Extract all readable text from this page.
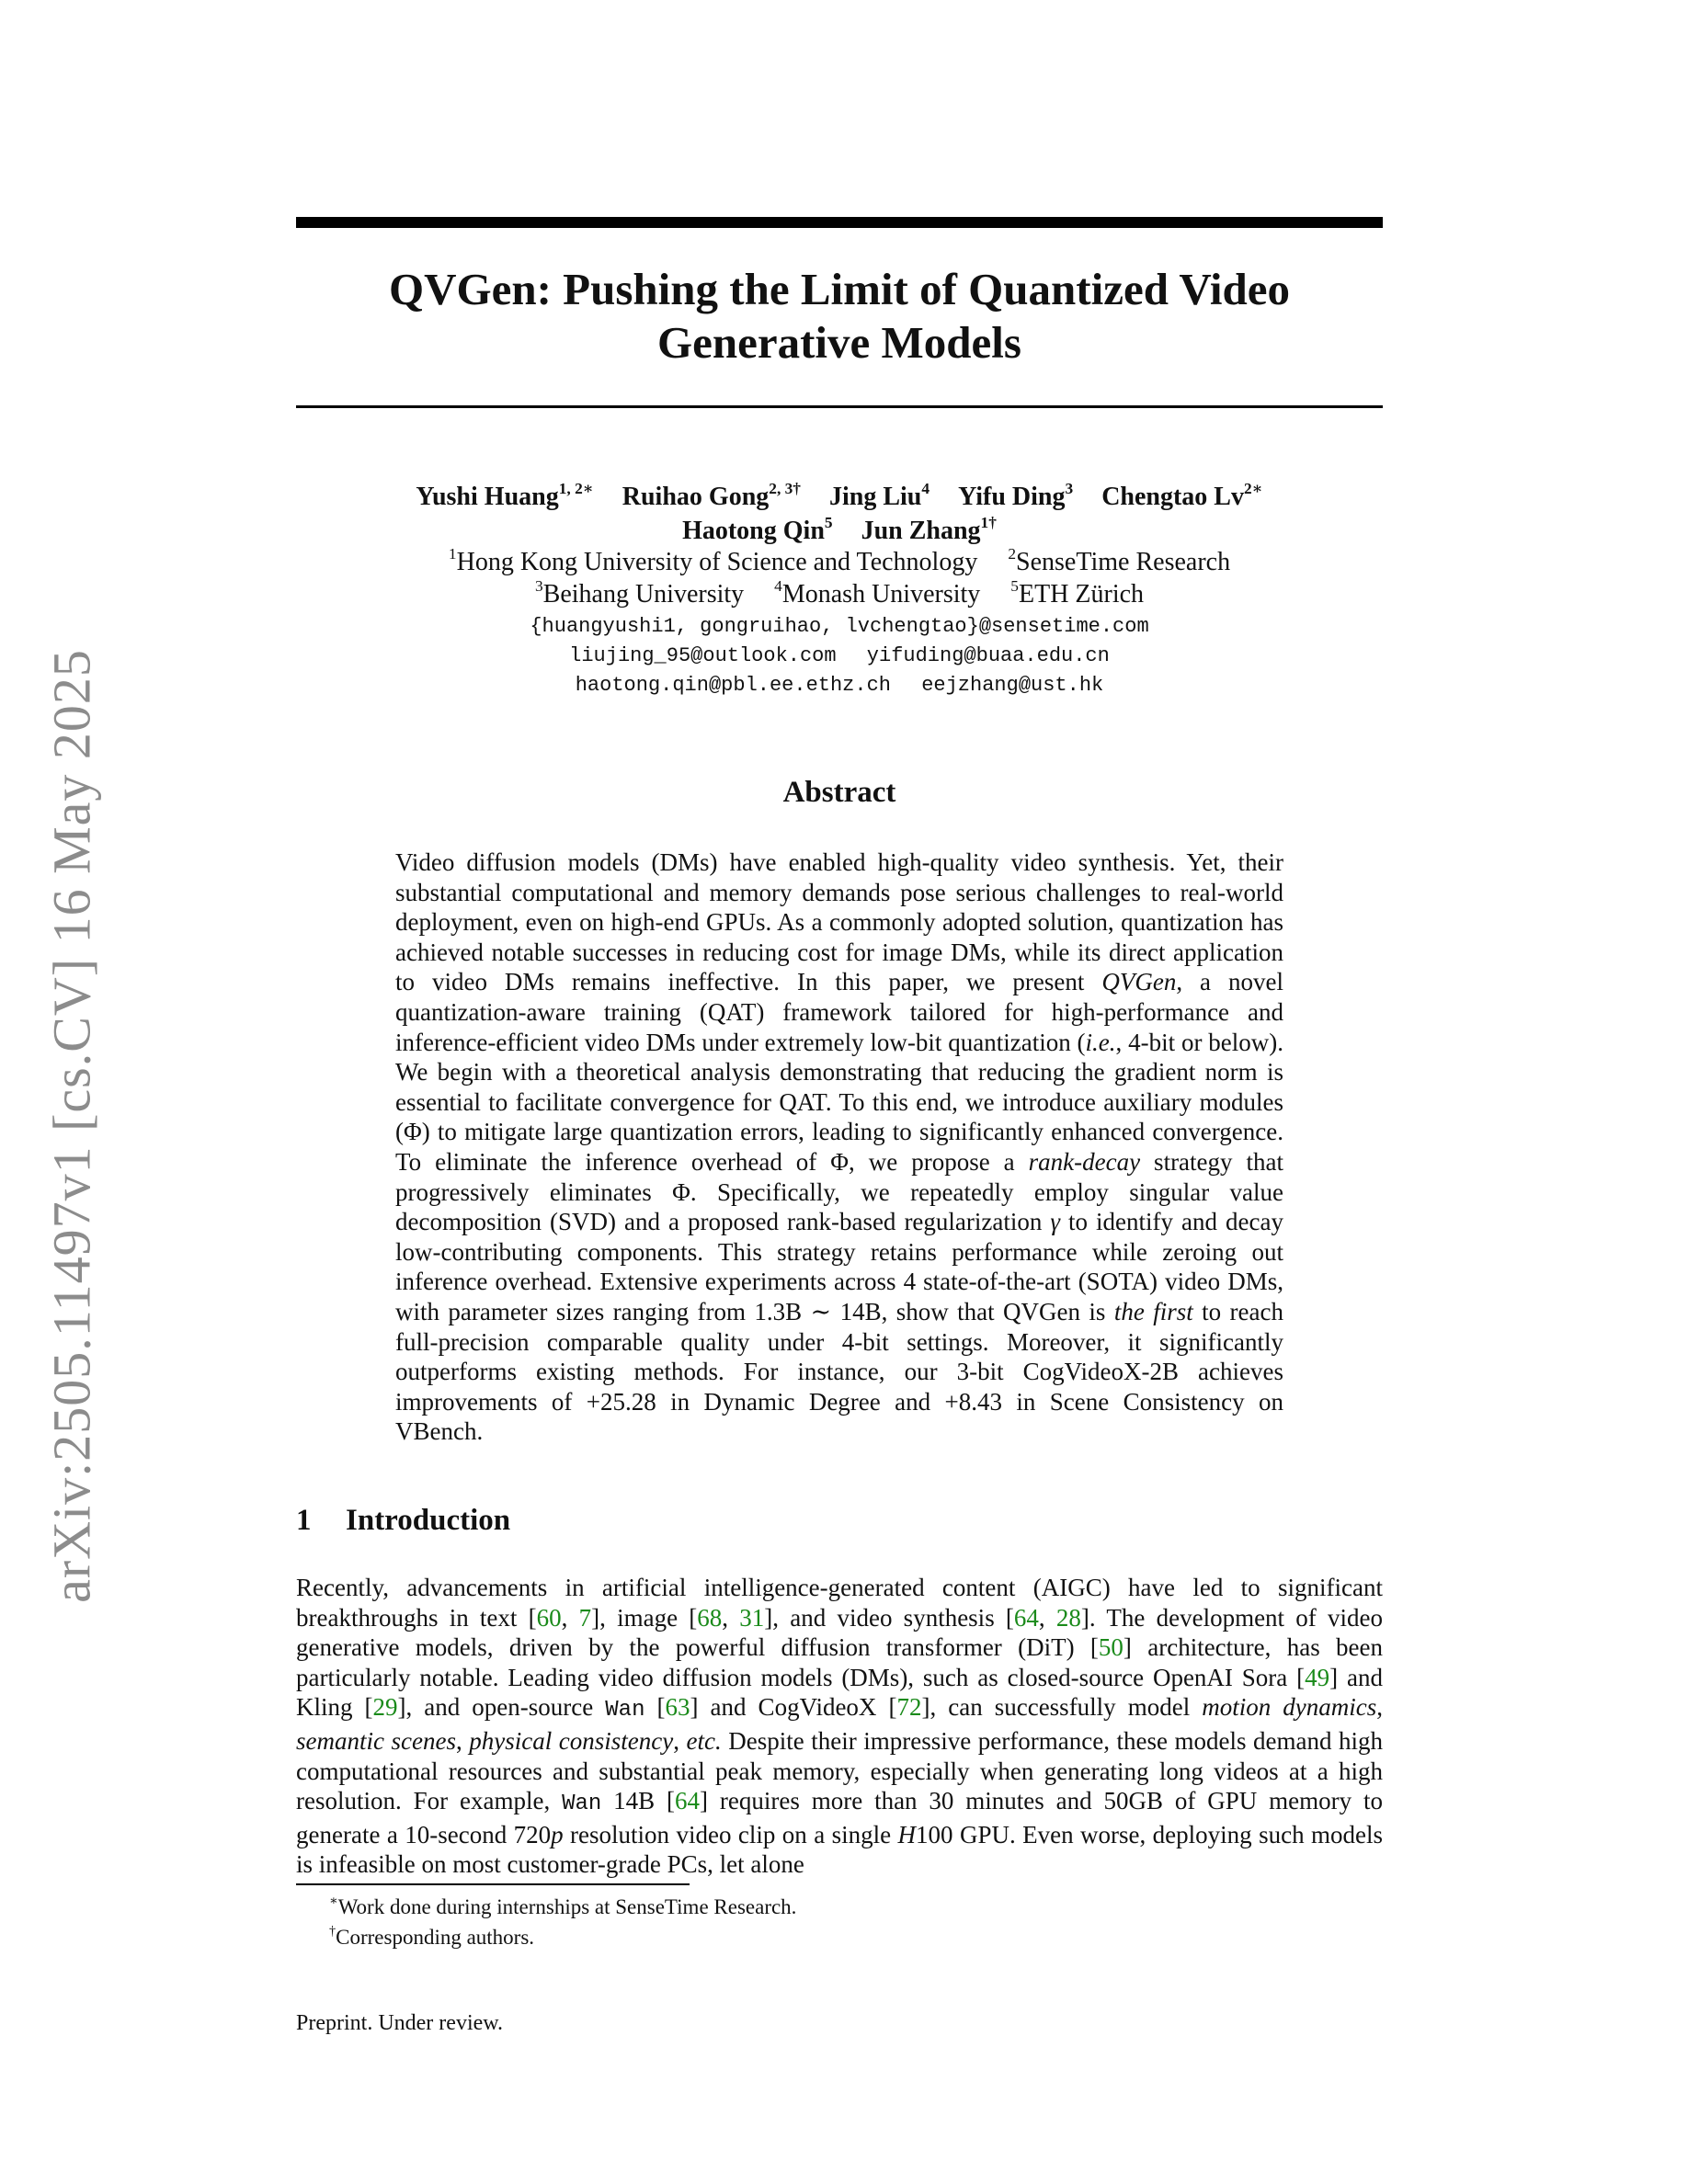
arXiv:2505.11497v1 [cs.CV] 16 May 2025
QVGen: Pushing the Limit of Quantized Video
Generative Models
Yushi Huang$^{1, 2∗}$ Ruihao Gong$^{2, 3\dagger}$ Jing Liu$^4$ Yifu Ding$^3$ Chengtao $Lv^{2∗}$
Haotong Qin$^5$ Jun Zhang$^{1\dagger}$
$^1$Hong Kong University of Science and Technology $^2$SenseTime Research
$^3$Beihang University $^4$Monash University $^5$ETH Zürich
{huangyushi1, gongruihao, lvchengtao}@sensetime.com
liujing_95@outlook.com yifuding@buaa.edu.cn
haotong.qin@pbl.ee.ethz.ch eejzhang@ust.hk
Abstract

Video diffusion models (DMs) have enabled high-quality video synthesis. Yet, their substantial computational and memory demands pose serious challenges to real-world deployment, even on high-end GPUs. As a commonly adopted solution, quantization has achieved notable successes in reducing cost for image DMs, while its direct application to video DMs remains ineffective. In this paper, we present QVGen, a novel quantization-aware training (QAT) framework tailored for high-performance and inference-efficient video DMs under extremely low-bit quantization (i.e., 4-bit or below). We begin with a theoretical analysis demonstrating that reducing the gradient norm is essential to facilitate convergence for QAT. To this end, we introduce auxiliary modules (Φ) to mitigate large quantization errors, leading to significantly enhanced convergence. To eliminate the inference overhead of Φ, we propose a rank-decay strategy that progressively eliminates Φ. Specifically, we repeatedly employ singular value decomposition (SVD) and a proposed rank-based regularization γ to identify and decay low-contributing components. This strategy retains performance while zeroing out inference overhead. Extensive experiments across 4 state-of-the-art (SOTA) video DMs, with parameter sizes ranging from 1.3B ∼ 14B, show that QVGen is the first to reach full-precision comparable quality under 4-bit settings. Moreover, it significantly outperforms existing methods. For instance, our 3-bit CogVideoX-2B achieves improvements of +25.28 in Dynamic Degree and +8.43 in Scene Consistency on VBench.

1 Introduction

Recently, advancements in artificial intelligence-generated content (AIGC) have led to significant breakthroughs in text [60, 7], image [68, 31], and video synthesis [64, 28]. The development of video generative models, driven by the powerful diffusion transformer (DiT) [50] architecture, has been particularly notable. Leading video diffusion models (DMs), such as closed-source OpenAI Sora [49] and Kling [29], and open-source Wan [63] and CogVideoX [72], can successfully model motion dynamics, semantic scenes, physical consistency, etc. Despite their impressive performance, these models demand high computational resources and substantial peak memory, especially when generating long videos at a high resolution. For example, Wan 14B [64] requires more than 30 minutes and 50GB of GPU memory to generate a 10-second 720p resolution video clip on a single H100 GPU. Even worse, deploying such models is infeasible on most customer-grade PCs, let alone

∗Work done during internships at SenseTime Research.
†Corresponding authors.
Preprint. Under review.
